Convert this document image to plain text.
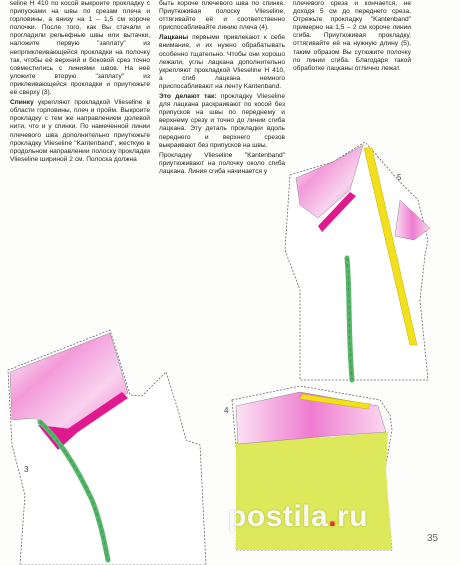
seline H 410 по косой выкроите прокладку с припусками на швы по срезам плеча и горловины, а внизу на 1 – 1,5 см короче полочки. После того, как Вы стачали и прогладили рельефные швы или вытачки, наложите первую "заплату" из непрпиклеивающейся прокладки на полочку так, чтобы её верхний и боковой срез точно совместились с линиями швов. На неё уложите вторую "заплату" из приклеивающейся прокладки и приутюжьте её сверху (3).

Спинку укрепляют прокладкой Vlieseline в области горловины, плеч и пройм. Выкроите прокладку с тем же направлением долевой нити, что и у спинки. По намеченной линии плечевого шва дополнительно приутюжьте прокладку Vlieseline "Kantenband", жесткую в продольном направлении полоску прокладки Vlieseline шириной 2 см. Полоска должна

быть короче плечевого шва по спинке. Приутюживая полоску Vlieseline, оттягивайте её и соответственно приспосабливайте линию плеча (4).

Лацканы первыми привлекают к себе внимание, и их нужно обрабатывать особенно тщательно. Чтобы они хорошо лежали, углы лацкана дополнительно укрепляют прокладкой Vlieseline H 410, а сгиб лацкана немного приспосабливают на ленту Kantenband.

Это делают так: прокладку Vlieseline для лацкана раскраивают по косой без припусков на швы по переднему и верхнему срезу и точно до линии сгиба лацкана. Эту деталь прокладки вдоль переднего и верхнего срезов выкраивают без припусков на швы.

Прокладку Vlieseline "Kantenband" приутюживают на полочку около сгиба лацкана. Линия сгиба начинается у

плечевого среза и кончается, не доходя 5 см до переднего среза. Отрежьте прокладку "Kantenband" примерно на 1,5 – 2 см короче линии сгиба. Приутюживая прокладку, оттягивайте её на нужную длину (5), таким образом Вы сутюжите полочку по линии сгиба. Благодаря такой обработке лацканы отлично лежат.

5
3
4
postila.ru
35
